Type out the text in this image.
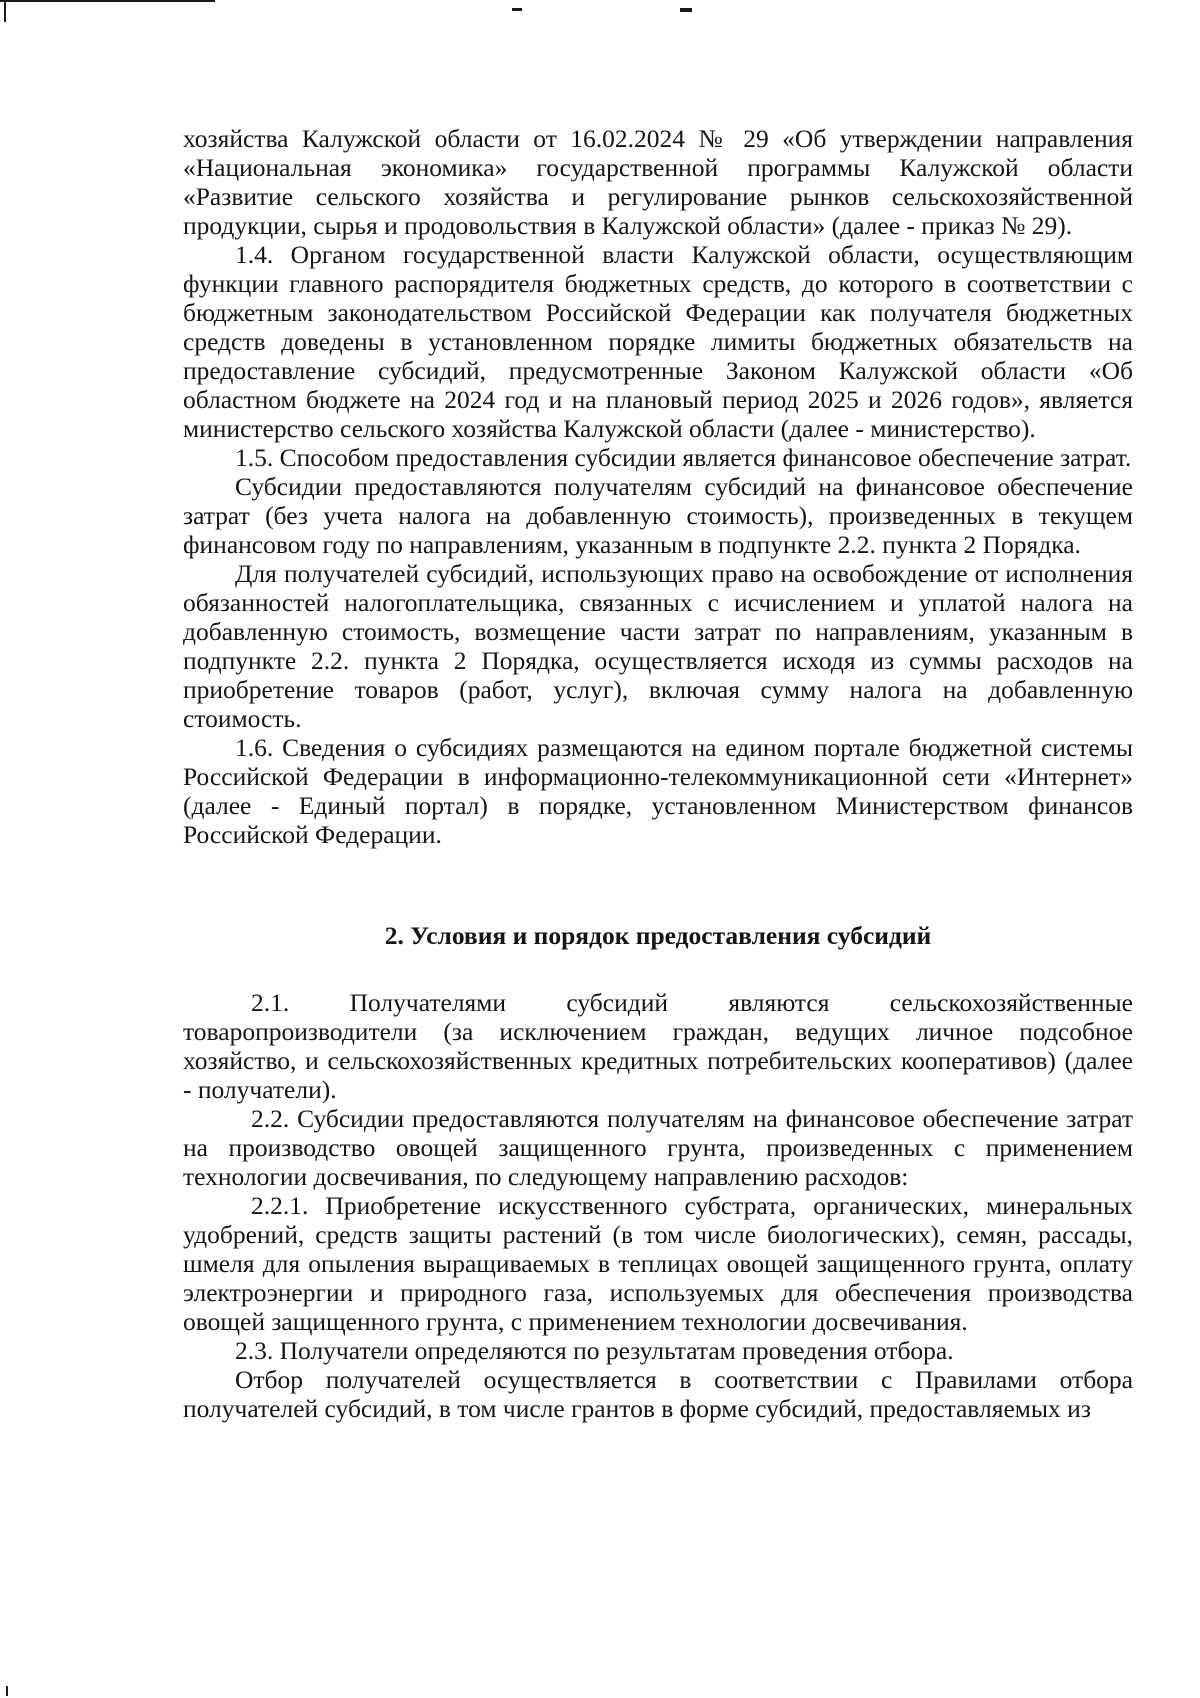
хозяйства Калужской области от 16.02.2024 № 29 «Об утверждении направления «Национальная экономика» государственной программы Калужской области «Развитие сельского хозяйства и регулирование рынков сельскохозяйственной продукции, сырья и продовольствия в Калужской области» (далее - приказ № 29).

1.4. Органом государственной власти Калужской области, осуществляющим функции главного распорядителя бюджетных средств, до которого в соответствии с бюджетным законодательством Российской Федерации как получателя бюджетных средств доведены в установленном порядке лимиты бюджетных обязательств на предоставление субсидий, предусмотренные Законом Калужской области «Об областном бюджете на 2024 год и на плановый период 2025 и 2026 годов», является министерство сельского хозяйства Калужской области (далее - министерство).

1.5. Способом предоставления субсидии является финансовое обеспечение затрат.

Субсидии предоставляются получателям субсидий на финансовое обеспечение затрат (без учета налога на добавленную стоимость), произведенных в текущем финансовом году по направлениям, указанным в подпункте 2.2. пункта 2 Порядка.

Для получателей субсидий, использующих право на освобождение от исполнения обязанностей налогоплательщика, связанных с исчислением и уплатой налога на добавленную стоимость, возмещение части затрат по направлениям, указанным в подпункте 2.2. пункта 2 Порядка, осуществляется исходя из суммы расходов на приобретение товаров (работ, услуг), включая сумму налога на добавленную стоимость.

1.6. Сведения о субсидиях размещаются на едином портале бюджетной системы Российской Федерации в информационно-телекоммуникационной сети «Интернет» (далее - Единый портал) в порядке, установленном Министерством финансов Российской Федерации.

2. Условия и порядок предоставления субсидий

2.1. Получателями субсидий являются сельскохозяйственные товаропроизводители (за исключением граждан, ведущих личное подсобное хозяйство, и сельскохозяйственных кредитных потребительских кооперативов) (далее - получатели).

2.2. Субсидии предоставляются получателям на финансовое обеспечение затрат на производство овощей защищенного грунта, произведенных с применением технологии досвечивания, по следующему направлению расходов:

2.2.1. Приобретение искусственного субстрата, органических, минеральных удобрений, средств защиты растений (в том числе биологических), семян, рассады, шмеля для опыления выращиваемых в теплицах овощей защищенного грунта, оплату электроэнергии и природного газа, используемых для обеспечения производства овощей защищенного грунта, с применением технологии досвечивания.

2.3. Получатели определяются по результатам проведения отбора.

Отбор получателей осуществляется в соответствии с Правилами отбора получателей субсидий, в том числе грантов в форме субсидий, предоставляемых из
